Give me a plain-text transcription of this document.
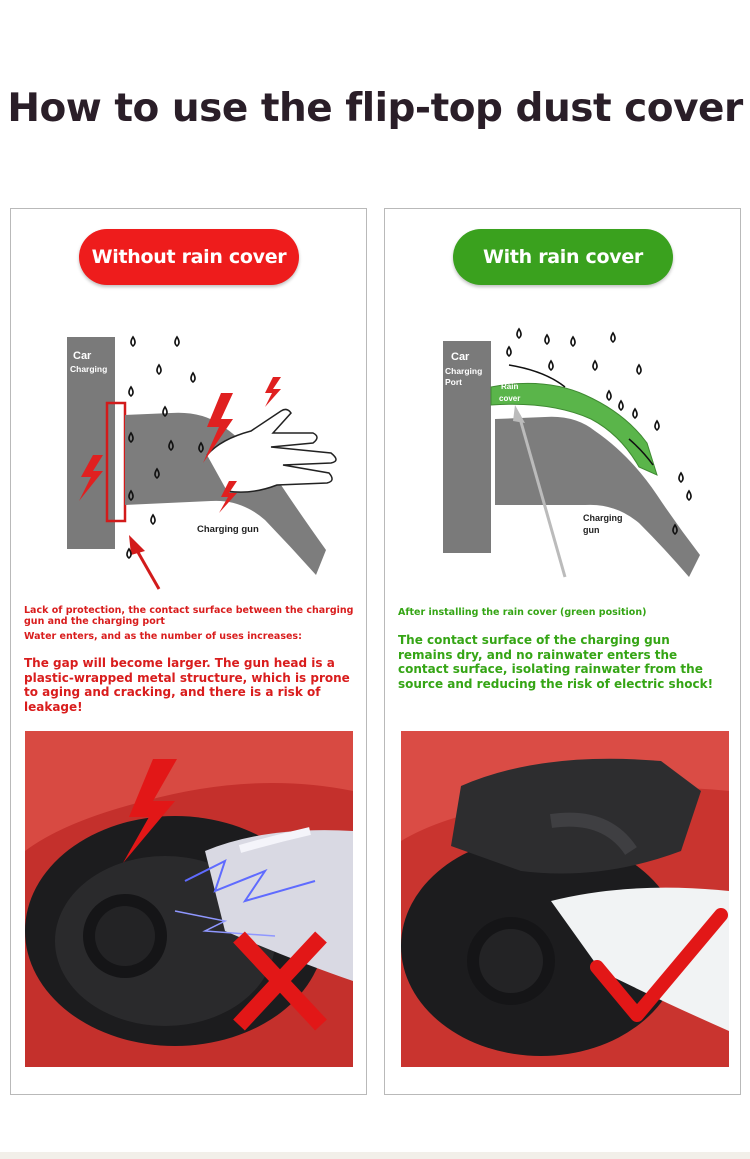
How to use the flip-top dust cover
Without rain cover
Car
Charging
Charging gun
Lack of protection, the contact surface between the charging gun and the charging port
Water enters, and as the number of uses increases:
The gap will become larger. The gun head is a plastic-wrapped metal structure, which is prone to aging and cracking, and there is a risk of leakage!
With rain cover
Car
Charging
Port	Rain
cover
Charging
gun
After installing the rain cover (green position)
The contact surface of the charging gun remains dry, and no rainwater enters the contact surface, isolating rainwater from the source and reducing the risk of electric shock!
